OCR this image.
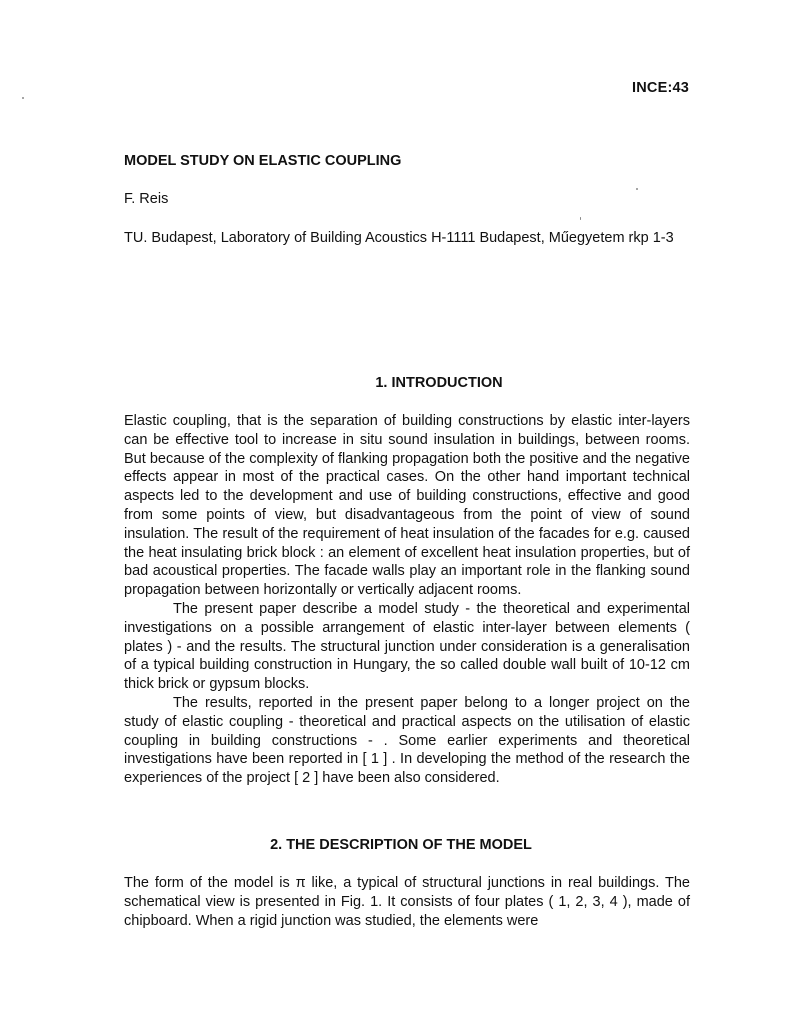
INCE:43
MODEL STUDY ON ELASTIC COUPLING
F. Reis
TU. Budapest, Laboratory of Building Acoustics H-1111 Budapest, Műegyetem rkp 1-3
1. INTRODUCTION

Elastic coupling, that is the separation of building constructions by elastic inter-layers can be effective tool to increase in situ sound insulation in buildings, between rooms. But because of the complexity of flanking propagation both the positive and the negative effects appear in most of the practical cases. On the other hand important technical aspects led to the development and use of building constructions, effective and good from some points of view, but disadvantageous from the point of view of sound insulation. The result of the requirement of heat insulation of the facades for e.g. caused the heat insulating brick block : an element of excellent heat insulation properties, but of bad acoustical properties. The facade walls play an important role in the flanking sound propagation between horizontally or vertically adjacent rooms.

The present paper describe a model study - the theoretical and experimental investigations on a possible arrangement of elastic inter-layer between elements ( plates ) - and the results. The structural junction under consideration is a generalisation of a typical building construction in Hungary, the so called double wall built of 10-12 cm thick brick or gypsum blocks.

The results, reported in the present paper belong to a longer project on the study of elastic coupling - theoretical and practical aspects on the utilisation of elastic coupling in building constructions - . Some earlier experiments and theoretical investigations have been reported in [ 1 ] . In developing the method of the research the experiences of the project [ 2 ] have been also considered.

2. THE DESCRIPTION OF THE MODEL

The form of the model is π like, a typical of structural junctions in real buildings. The schematical view is presented in Fig. 1. It consists of four plates ( 1, 2, 3, 4 ), made of chipboard. When a rigid junction was studied, the elements were
